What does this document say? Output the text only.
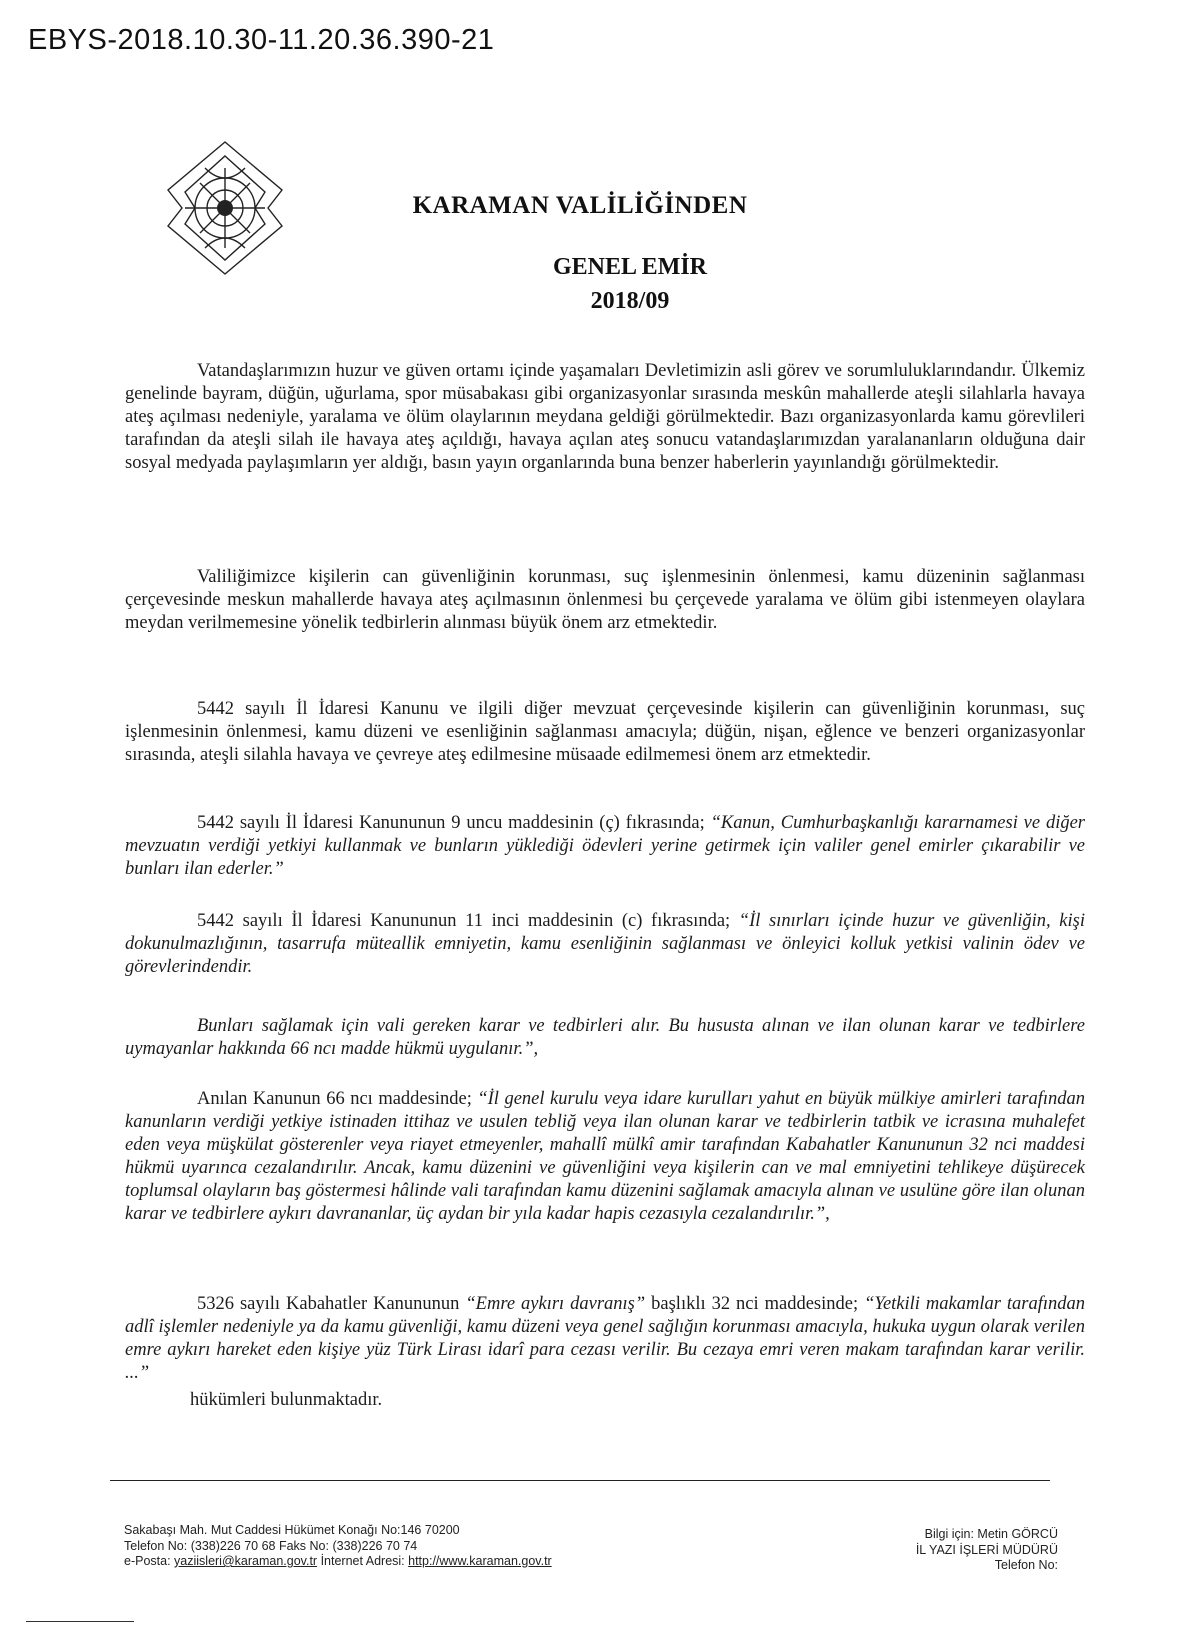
EBYS-2018.10.30-11.20.36.390-21
KARAMAN VALİLİĞİNDEN
GENEL EMİR
2018/09

Vatandaşlarımızın huzur ve güven ortamı içinde yaşamaları Devletimizin asli görev ve sorumluluklarındandır. Ülkemiz genelinde bayram, düğün, uğurlama, spor müsabakası gibi organizasyonlar sırasında meskûn mahallerde ateşli silahlarla havaya ateş açılması nedeniyle, yaralama ve ölüm olaylarının meydana geldiği görülmektedir. Bazı organizasyonlarda kamu görevlileri tarafından da ateşli silah ile havaya ateş açıldığı, havaya açılan ateş sonucu vatandaşlarımızdan yaralananların olduğuna dair sosyal medyada paylaşımların yer aldığı, basın yayın organlarında buna benzer haberlerin yayınlandığı görülmektedir.

Valiliğimizce kişilerin can güvenliğinin korunması, suç işlenmesinin önlenmesi, kamu düzeninin sağlanması çerçevesinde meskun mahallerde havaya ateş açılmasının önlenmesi bu çerçevede yaralama ve ölüm gibi istenmeyen olaylara meydan verilmemesine yönelik tedbirlerin alınması büyük önem arz etmektedir.

5442 sayılı İl İdaresi Kanunu ve ilgili diğer mevzuat çerçevesinde kişilerin can güvenliğinin korunması, suç işlenmesinin önlenmesi, kamu düzeni ve esenliğinin sağlanması amacıyla; düğün, nişan, eğlence ve benzeri organizasyonlar sırasında, ateşli silahla havaya ve çevreye ateş edilmesine müsaade edilmemesi önem arz etmektedir.

5442 sayılı İl İdaresi Kanununun 9 uncu maddesinin (ç) fıkrasında; “Kanun, Cumhurbaşkanlığı kararnamesi ve diğer mevzuatın verdiği yetkiyi kullanmak ve bunların yüklediği ödevleri yerine getirmek için valiler genel emirler çıkarabilir ve bunları ilan ederler.”

5442 sayılı İl İdaresi Kanununun 11 inci maddesinin (c) fıkrasında; “İl sınırları içinde huzur ve güvenliğin, kişi dokunulmazlığının, tasarrufa müteallik emniyetin, kamu esenliğinin sağlanması ve önleyici kolluk yetkisi valinin ödev ve görevlerindendir.

Bunları sağlamak için vali gereken karar ve tedbirleri alır. Bu hususta alınan ve ilan olunan karar ve tedbirlere uymayanlar hakkında 66 ncı madde hükmü uygulanır.”,

Anılan Kanunun 66 ncı maddesinde; “İl genel kurulu veya idare kurulları yahut en büyük mülkiye amirleri tarafından kanunların verdiği yetkiye istinaden ittihaz ve usulen tebliğ veya ilan olunan karar ve tedbirlerin tatbik ve icrasına muhalefet eden veya müşkülat gösterenler veya riayet etmeyenler, mahallî mülkî amir tarafından Kabahatler Kanununun 32 nci maddesi hükmü uyarınca cezalandırılır. Ancak, kamu düzenini ve güvenliğini veya kişilerin can ve mal emniyetini tehlikeye düşürecek toplumsal olayların baş göstermesi hâlinde vali tarafından kamu düzenini sağlamak amacıyla alınan ve usulüne göre ilan olunan karar ve tedbirlere aykırı davrananlar, üç aydan bir yıla kadar hapis cezasıyla cezalandırılır.”,

5326 sayılı Kabahatler Kanununun “Emre aykırı davranış” başlıklı 32 nci maddesinde; “Yetkili makamlar tarafından adlî işlemler nedeniyle ya da kamu güvenliği, kamu düzeni veya genel sağlığın korunması amacıyla, hukuka uygun olarak verilen emre aykırı hareket eden kişiye yüz Türk Lirası idarî para cezası verilir. Bu cezaya emri veren makam tarafından karar verilir. ...”

hükümleri bulunmaktadır.
Sakabaşı Mah. Mut Caddesi Hükümet Konağı No:146 70200
Telefon No: (338)226 70 68 Faks No: (338)226 70 74
e-Posta: yaziisleri@karaman.gov.tr İnternet Adresi: http://www.karaman.gov.tr
Bilgi için: Metin GÖRCÜ
İL YAZI İŞLERİ MÜDÜRÜ
Telefon No:
